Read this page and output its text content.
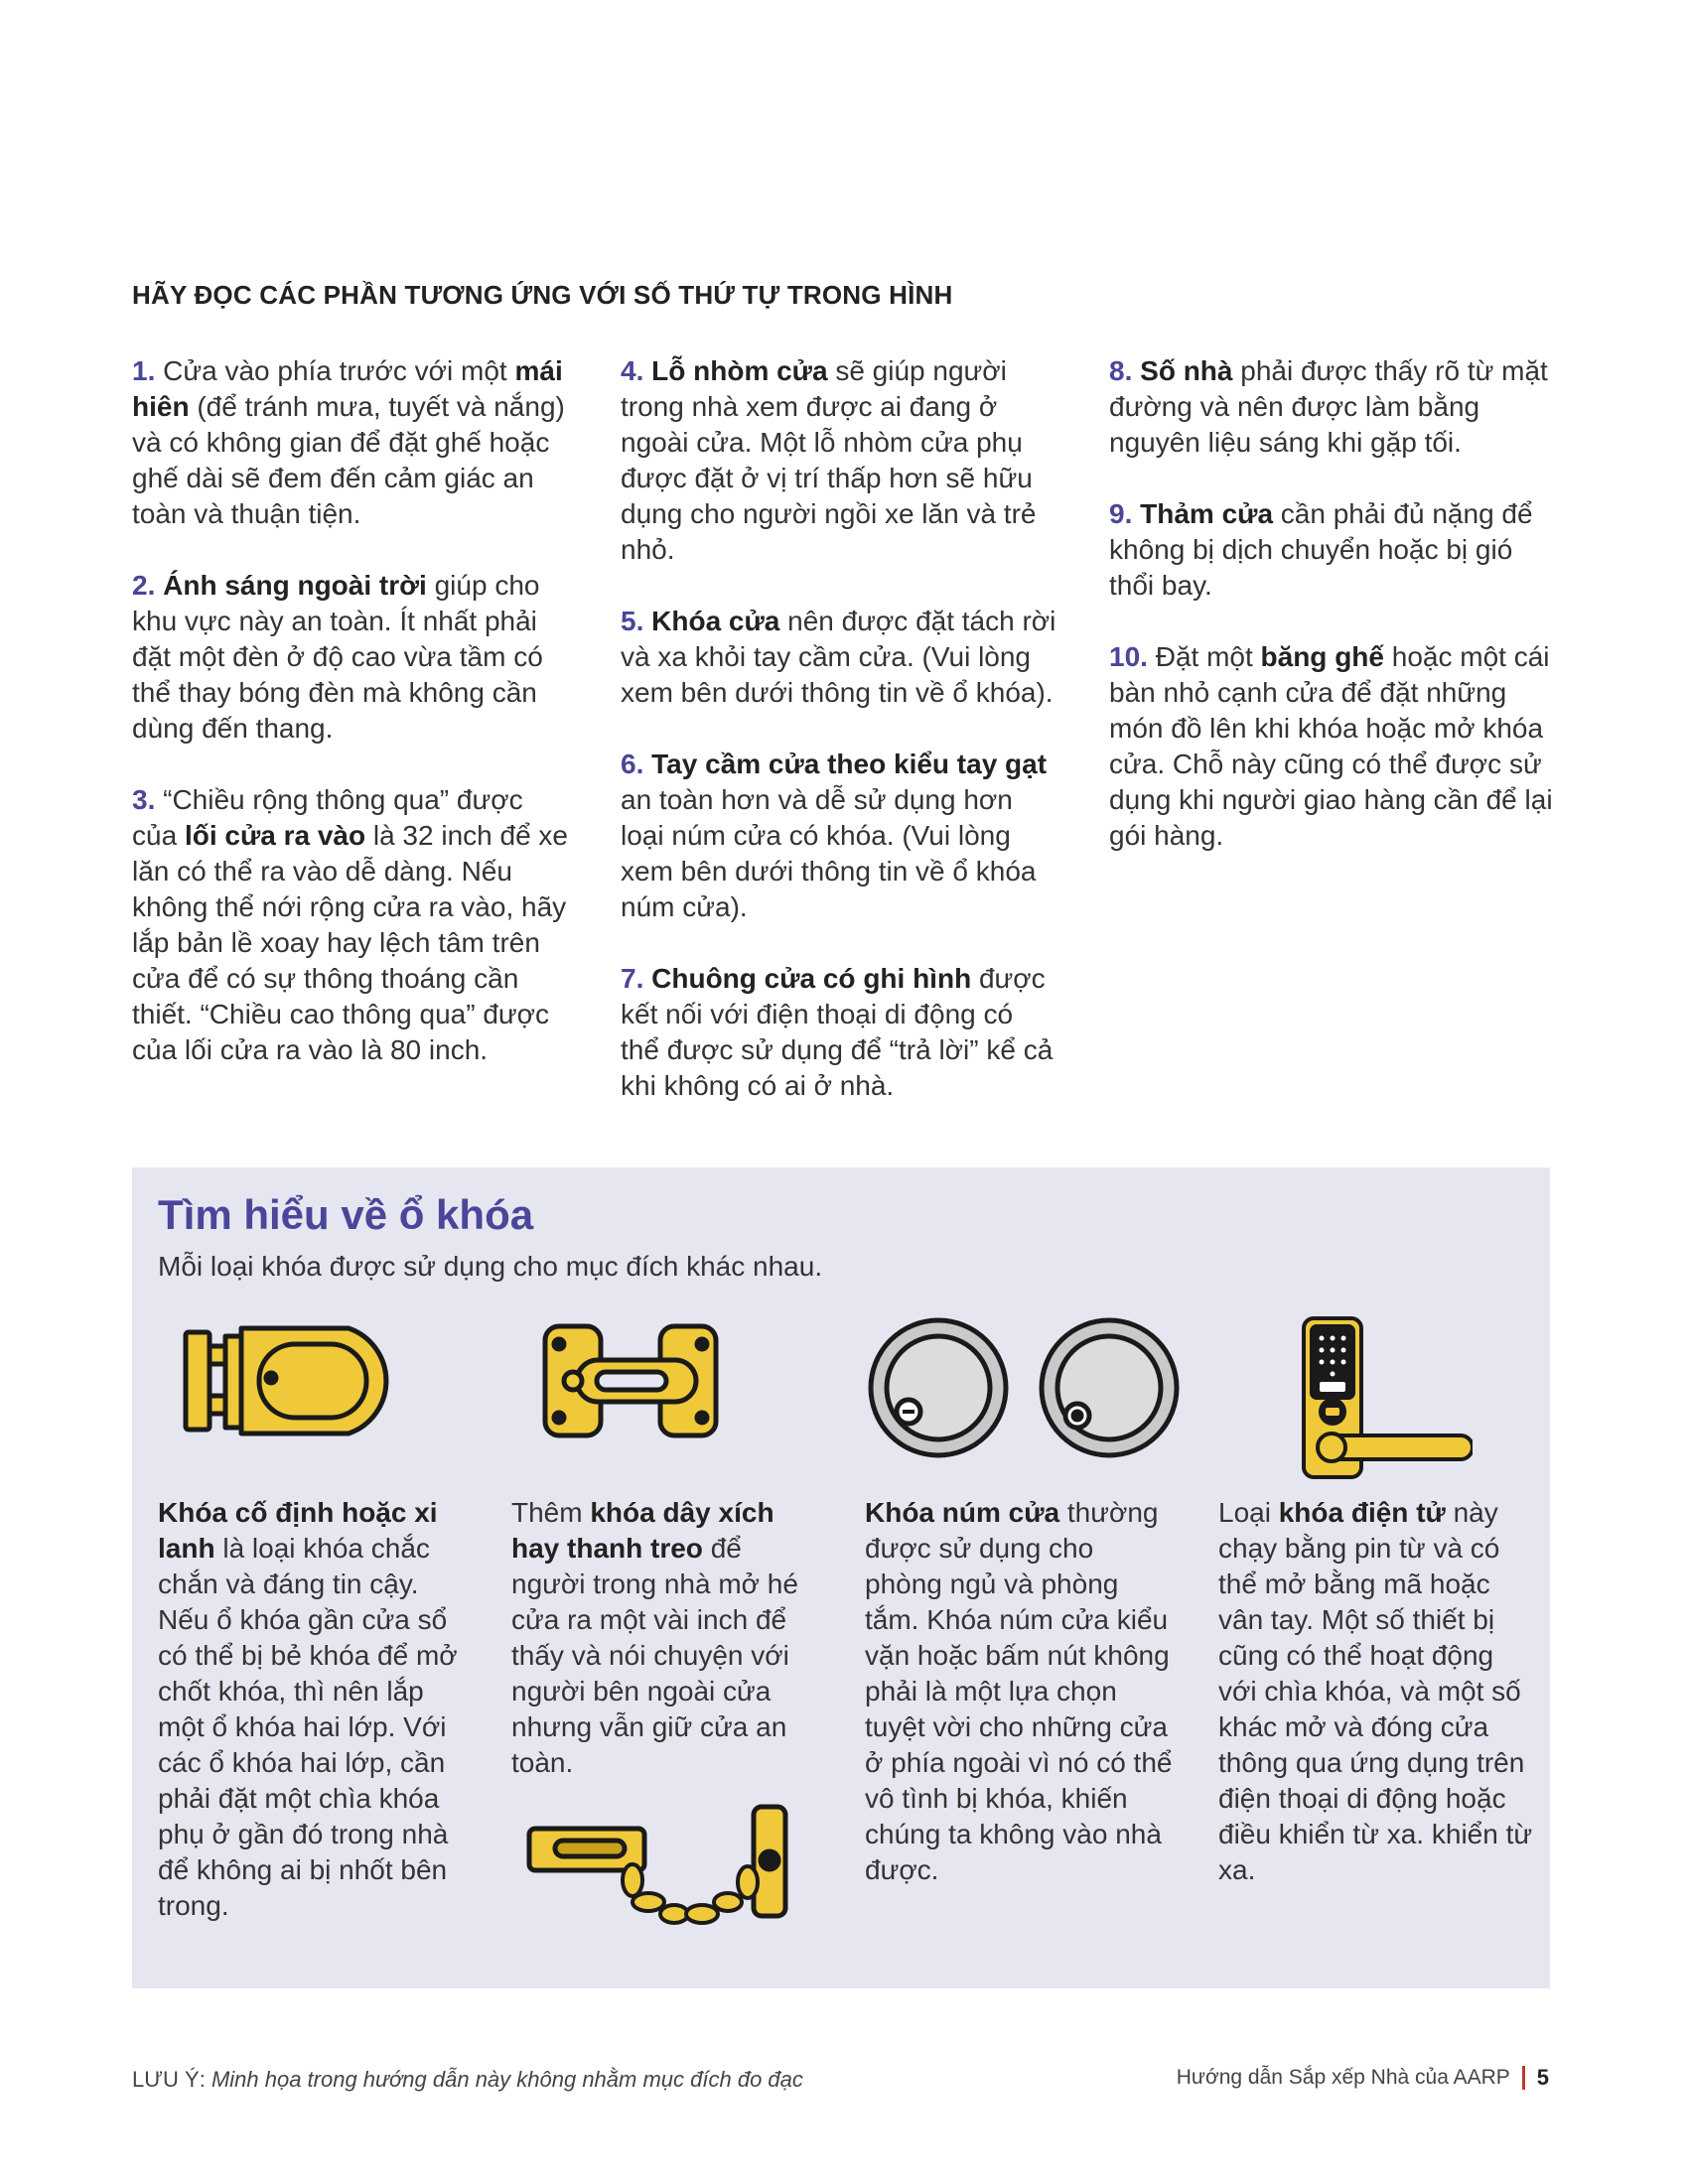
HÃY ĐỌC CÁC PHẦN TƯƠNG ỨNG VỚI SỐ THỨ TỰ TRONG HÌNH

1. Cửa vào phía trước với một mái hiên (để tránh mưa, tuyết và nắng) và có không gian để đặt ghế hoặc ghế dài sẽ đem đến cảm giác an toàn và thuận tiện.

2. Ánh sáng ngoài trời giúp cho khu vực này an toàn. Ít nhất phải đặt một đèn ở độ cao vừa tầm có thể thay bóng đèn mà không cần dùng đến thang.

3. “Chiều rộng thông qua” được của lối cửa ra vào là 32 inch để xe lăn có thể ra vào dễ dàng. Nếu không thể nới rộng cửa ra vào, hãy lắp bản lề xoay hay lệch tâm trên cửa để có sự thông thoáng cần thiết. “Chiều cao thông qua” được của lối cửa ra vào là 80 inch.

4. Lỗ nhòm cửa sẽ giúp người trong nhà xem được ai đang ở ngoài cửa. Một lỗ nhòm cửa phụ được đặt ở vị trí thấp hơn sẽ hữu dụng cho người ngồi xe lăn và trẻ nhỏ.

5. Khóa cửa nên được đặt tách rời và xa khỏi tay cầm cửa. (Vui lòng xem bên dưới thông tin về ổ khóa).

6. Tay cầm cửa theo kiểu tay gạt an toàn hơn và dễ sử dụng hơn loại núm cửa có khóa. (Vui lòng xem bên dưới thông tin về ổ khóa núm cửa).

7. Chuông cửa có ghi hình được kết nối với điện thoại di động có thể được sử dụng để “trả lời” kể cả khi không có ai ở nhà.

8. Số nhà phải được thấy rõ từ mặt đường và nên được làm bằng nguyên liệu sáng khi gặp tối.

9. Thảm cửa cần phải đủ nặng để không bị dịch chuyển hoặc bị gió thổi bay.

10. Đặt một băng ghế hoặc một cái bàn nhỏ cạnh cửa để đặt những món đồ lên khi khóa hoặc mở khóa cửa. Chỗ này cũng có thể được sử dụng khi người giao hàng cần để lại gói hàng.

Tìm hiểu về ổ khóa
Mỗi loại khóa được sử dụng cho mục đích khác nhau.
Khóa cố định hoặc xi lanh là loại khóa chắc chắn và đáng tin cậy. Nếu ổ khóa gần cửa sổ có thể bị bẻ khóa để mở chốt khóa, thì nên lắp một ổ khóa hai lớp. Với các ổ khóa hai lớp, cần phải đặt một chìa khóa phụ ở gần đó trong nhà để không ai bị nhốt bên trong.
Thêm khóa dây xích hay thanh treo để người trong nhà mở hé cửa ra một vài inch để thấy và nói chuyện với người bên ngoài cửa nhưng vẫn giữ cửa an toàn.
Khóa núm cửa thường được sử dụng cho phòng ngủ và phòng tắm. Khóa núm cửa kiểu vặn hoặc bấm nút không phải là một lựa chọn tuyệt vời cho những cửa ở phía ngoài vì nó có thể vô tình bị khóa, khiến chúng ta không vào nhà được.
Loại khóa điện tử này chạy bằng pin từ và có thể mở bằng mã hoặc vân tay. Một số thiết bị cũng có thể hoạt động với chìa khóa, và một số khác mở và đóng cửa thông qua ứng dụng trên điện thoại di động hoặc điều khiển từ xa. khiển từ xa.
LƯU Ý: Minh họa trong hướng dẫn này không nhằm mục đích đo đạc	Hướng dẫn Sắp xếp Nhà của AARP 5
